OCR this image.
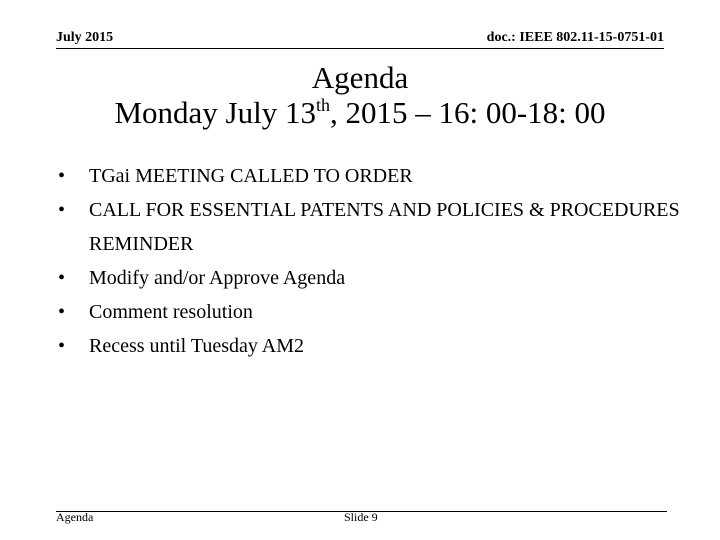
July 2015	doc.: IEEE 802.11-15-0751-01
Agenda
Monday July 13th, 2015 – 16: 00-18: 00
• TGai MEETING CALLED TO ORDER
• CALL FOR ESSENTIAL PATENTS AND POLICIES & PROCEDURES REMINDER
• Modify and/or Approve Agenda
• Comment resolution
• Recess until Tuesday AM2
Agenda	Slide 9
